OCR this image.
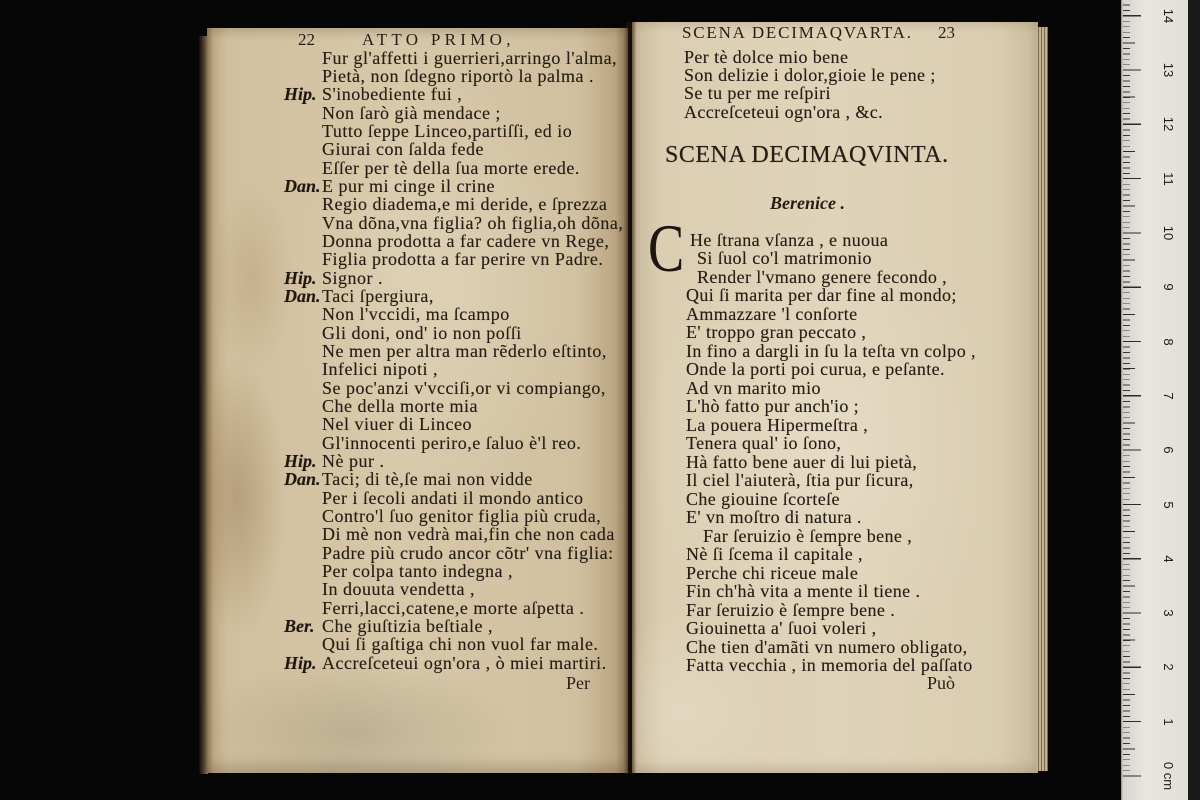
22	ATTO PRIMO,
Fur gl'affetti i guerrieri,arringo l'alma,
Pietà, non ſdegno riportò la palma .
Hip. S'inobediente fui ,
Non ſarò già mendace ;
Tutto ſeppe Linceo,partiſſi, ed io
Giurai con ſalda fede
Eſſer per tè della ſua morte erede.
Dan.E pur mi cinge il crine
Regio diadema,e mi deride, e ſprezza
Vna dõna,vna figlia? oh figlia,oh dõna,
Donna prodotta a far cadere vn Rege,
Figlia prodotta a far perire vn Padre.
Hip. Signor .
Dan.Taci ſpergiura,
Non l'vccidi, ma ſcampo
Gli doni, ond' io non poſſi
Ne men per altra man rẽderlo eſtinto,
Infelici nipoti ,
Se poc'anzi v'vcciſi,or vi compiango,
Che della morte mia
Nel viuer di Linceo
Gl'innocenti periro,e ſaluo è'l reo.
Hip. Nè pur .
Dan.Taci; di tè,ſe mai non vidde
Per i ſecoli andati il mondo antico
Contro'l ſuo genitor figlia più cruda,
Di mè non vedrà mai,fin che non cada
Padre più crudo ancor cõtr' vna figlia:
Per colpa tanto indegna ,
In douuta vendetta ,
Ferri,lacci,catene,e morte aſpetta .
Ber. Che giuſtizia beſtiale ,
Qui ſi gaſtiga chi non vuol far male.
Hip. Accreſceteui ogn'ora , ò miei martiri.
Per
SCENA DECIMAQVARTA. 23
Per tè dolce mio bene
Son delizie i dolor,gioie le pene ;
Se tu per me reſpiri
Accreſceteui ogn'ora , &c.
SCENA DECIMAQVINTA.
Berenice .
C He ſtrana vſanza , e nuoua
Si ſuol co'l matrimonio
Render l'vmano genere fecondo ,
Qui ſi marita per dar fine al mondo;
Ammazzare 'l conſorte
E' troppo gran peccato ,
In fino a dargli in ſu la teſta vn colpo ,
Onde la porti poi curua, e peſante.
Ad vn marito mio
L'hò fatto pur anch'io ;
La pouera Hipermeſtra ,
Tenera qual' io ſono,
Hà fatto bene auer di lui pietà,
Il ciel l'aiuterà, ſtia pur ſicura,
Che giouine ſcorteſe
E' vn moſtro di natura .
Far ſeruizio è ſempre bene ,
Nè ſi ſcema il capitale ,
Perche chi riceue male
Fin ch'hà vita a mente il tiene .
Far ſeruizio è ſempre bene .
Giouinetta a' ſuoi voleri ,
Che tien d'amãti vn numero obligato,
Fatta vecchia , in memoria del paſſato
Può
0 cm
1
2
3
4
5
6
7
8
9
10
11
12
13
14
